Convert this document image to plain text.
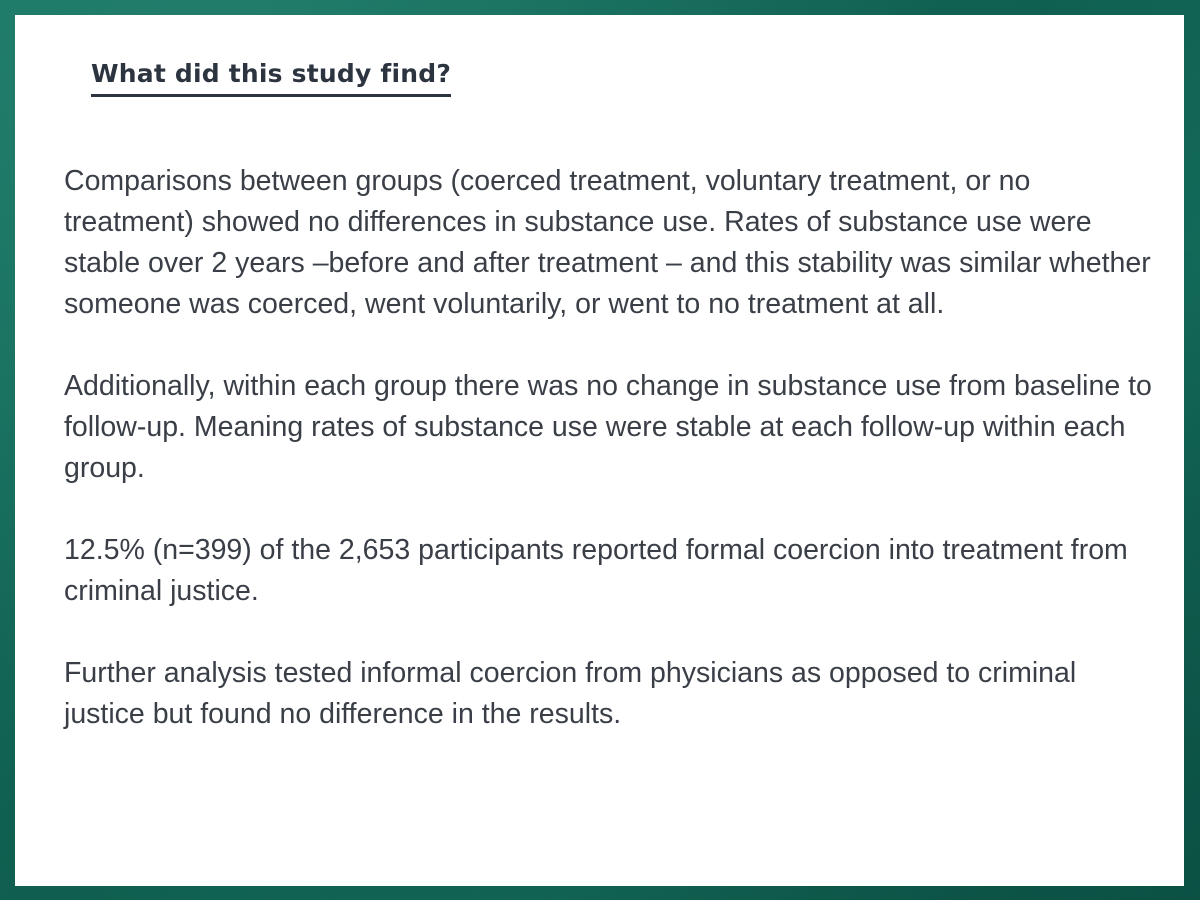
What did this study find?

Comparisons between groups (coerced treatment, voluntary treatment, or no treatment) showed no differences in substance use. Rates of substance use were stable over 2 years –before and after treatment – and this stability was similar whether someone was coerced, went voluntarily, or went to no treatment at all.

Additionally, within each group there was no change in substance use from baseline to follow-up. Meaning rates of substance use were stable at each follow-up within each group.

12.5% (n=399) of the 2,653 participants reported formal coercion into treatment from criminal justice.

Further analysis tested informal coercion from physicians as opposed to criminal justice but found no difference in the results.
